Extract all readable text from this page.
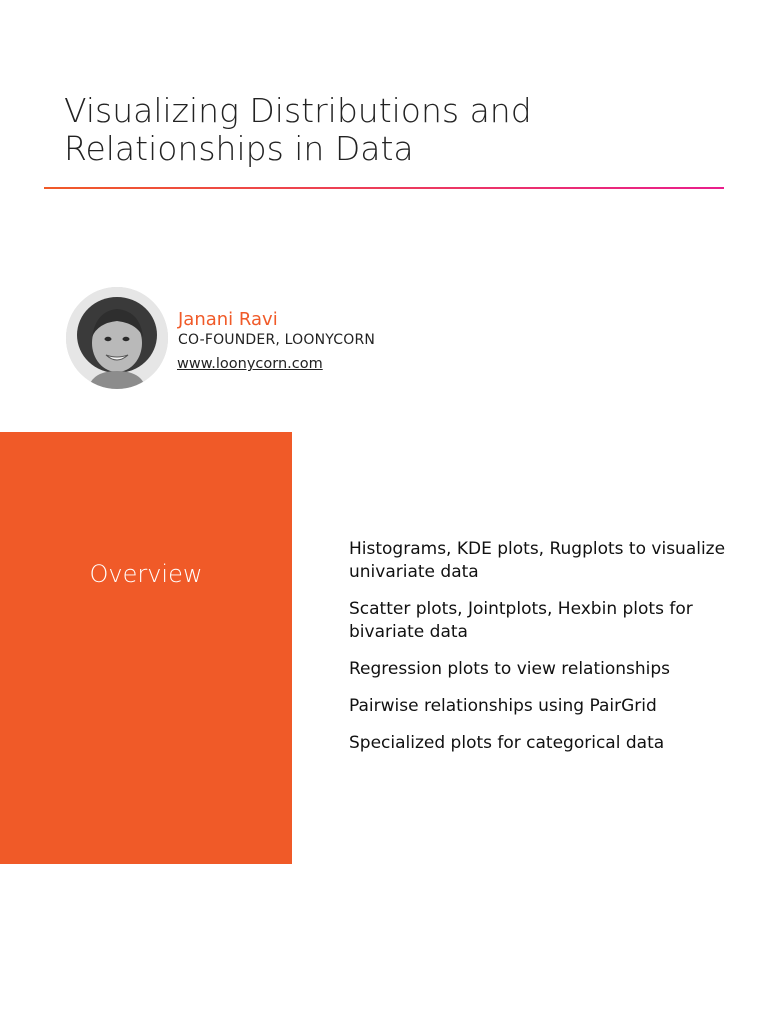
Visualizing Distributions and
Relationships in Data
Janani Ravi
CO-FOUNDER, LOONYCORN
www.loonycorn.com
Overview
Histograms, KDE plots, Rugplots to visualize univariate data
Scatter plots, Jointplots, Hexbin plots for bivariate data
Regression plots to view relationships
Pairwise relationships using PairGrid
Specialized plots for categorical data
